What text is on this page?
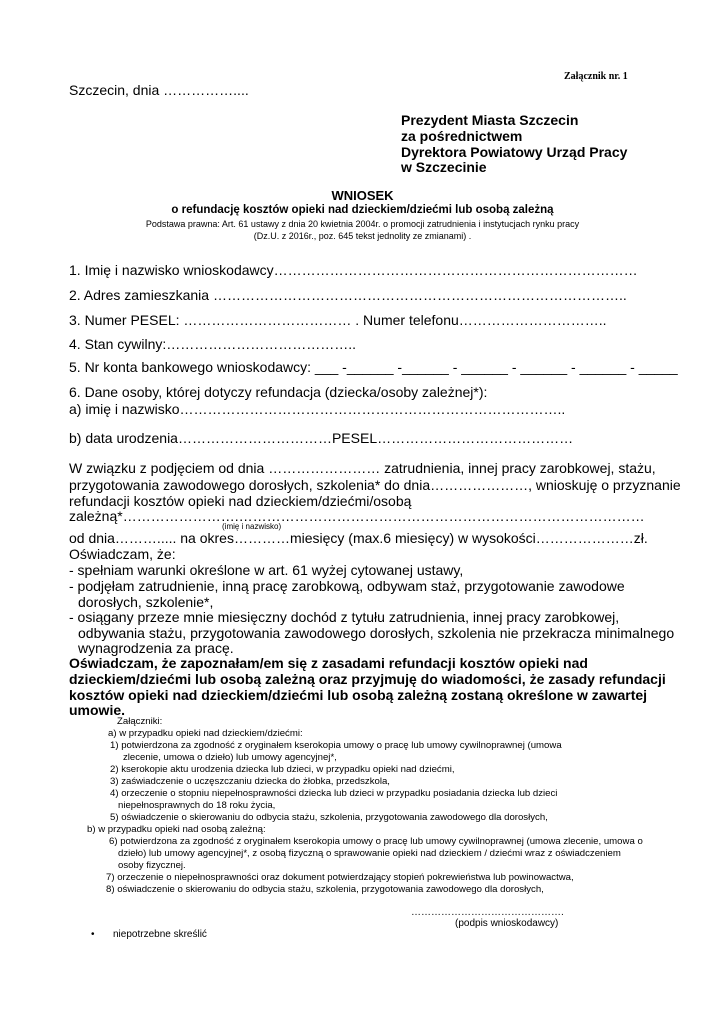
Załącznik nr. 1
Szczecin, dnia ……………....
Prezydent Miasta Szczecin
za pośrednictwem
Dyrektora Powiatowy Urząd Pracy
w Szczecinie
WNIOSEK
o refundację kosztów opieki nad dzieckiem/dziećmi lub osobą zależną
Podstawa prawna: Art. 61 ustawy z dnia 20 kwietnia 2004r. o promocji zatrudnienia i instytucjach rynku pracy
(Dz.U. z 2016r., poz. 645 tekst jednolity ze zmianami) .
1. Imię i nazwisko wnioskodawcy……………………………………………………………………
2. Adres zamieszkania ……………………………………………………………………………..
3. Numer PESEL: ……………………………… . Numer telefonu…………………………..
4. Stan cywilny:…………………………………..
5. Nr konta bankowego wnioskodawcy: ___ -______ -______ - ______ - ______ - ______ - _____
6. Dane osoby, której dotyczy refundacja (dziecka/osoby zależnej*):
a) imię i nazwisko………………………………………………………………………..
b) data urodzenia……………………………PESEL……………………………………
W związku z podjęciem od dnia …………………… zatrudnienia, innej pracy zarobkowej, stażu,
przygotowania zawodowego dorosłych, szkolenia* do dnia…………………, wnioskuję o przyznanie
refundacji kosztów opieki nad dzieckiem/dziećmi/osobą
zależną*…………………….……………………………………………………………………………
(imię i nazwisko)
od dnia………..... na okres…………miesięcy (max.6 miesięcy) w wysokości…………………zł.
Oświadczam, że:
- spełniam warunki określone w art. 61 wyżej cytowanej ustawy,
- podjęłam zatrudnienie, inną pracę zarobkową, odbywam staż, przygotowanie zawodowe
dorosłych, szkolenie*,
- osiągany przeze mnie miesięczny dochód z tytułu zatrudnienia, innej pracy zarobkowej,
odbywania stażu, przygotowania zawodowego dorosłych, szkolenia nie przekracza minimalnego
wynagrodzenia za pracę.
Oświadczam, że zapoznałam/em się z zasadami refundacji kosztów opieki nad
dzieckiem/dziećmi lub osobą zależną oraz przyjmuję do wiadomości, że zasady refundacji
kosztów opieki nad dzieckiem/dziećmi lub osobą zależną zostaną określone w zawartej
umowie.
Załączniki:
a) w przypadku opieki nad dzieckiem/dziećmi:
1) potwierdzona za zgodność z oryginałem kserokopia umowy o pracę lub umowy cywilnoprawnej (umowa
zlecenie, umowa o dzieło) lub umowy agencyjnej*,
2) kserokopie aktu urodzenia dziecka lub dzieci, w przypadku opieki nad dziećmi,
3) zaświadczenie o uczęszczaniu dziecka do żłobka, przedszkola,
4) orzeczenie o stopniu niepełnosprawności dziecka lub dzieci w przypadku posiadania dziecka lub dzieci
niepełnosprawnych do 18 roku życia,
5) oświadczenie o skierowaniu do odbycia stażu, szkolenia, przygotowania zawodowego dla dorosłych,
b) w przypadku opieki nad osobą zależną:
6) potwierdzona za zgodność z oryginałem kserokopia umowy o pracę lub umowy cywilnoprawnej (umowa zlecenie, umowa o
dzieło) lub umowy agencyjnej*, z osobą fizyczną o sprawowanie opieki nad dzieckiem / dziećmi wraz z oświadczeniem
osoby fizycznej.
7) orzeczenie o niepełnosprawności oraz dokument potwierdzający stopień pokrewieństwa lub powinowactwa,
8) oświadczenie o skierowaniu do odbycia stażu, szkolenia, przygotowania zawodowego dla dorosłych,
……………………………………….
(podpis wnioskodawcy)
• niepotrzebne skreślić
